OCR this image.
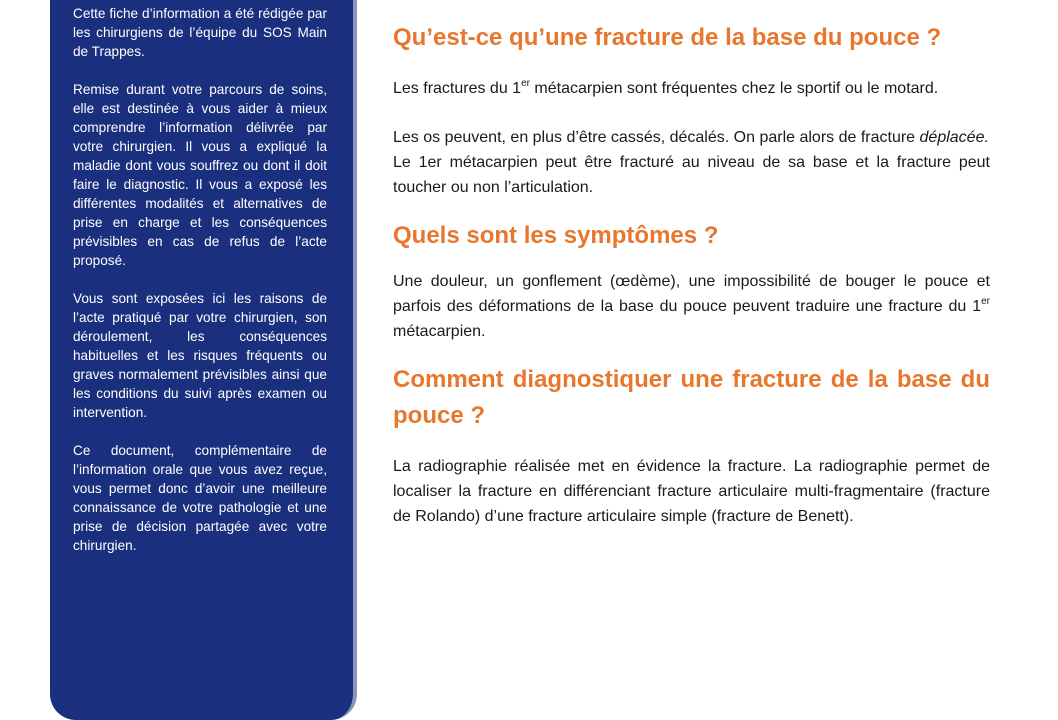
Cette fiche d’information a été rédigée par les chirurgiens de l’équipe du SOS Main de Trappes.

Remise durant votre parcours de soins, elle est destinée à vous aider à mieux comprendre l’information délivrée par votre chirurgien. Il vous a expliqué la maladie dont vous souffrez ou dont il doit faire le diagnostic. Il vous a exposé les différentes modalités et alternatives de prise en charge et les conséquences prévisibles en cas de refus de l’acte proposé.

Vous sont exposées ici les raisons de l’acte pratiqué par votre chirurgien, son déroulement, les conséquences habituelles et les risques fréquents ou graves normalement prévisibles ainsi que les conditions du suivi après examen ou intervention.

Ce document, complémentaire de l’information orale que vous avez reçue, vous permet donc d’avoir une meilleure connaissance de votre pathologie et une prise de décision partagée avec votre chirurgien.

Qu’est-ce qu’une fracture de la base du pouce ?

Les fractures du 1er métacarpien sont fréquentes chez le sportif ou le motard.

Les os peuvent, en plus d’être cassés, décalés. On parle alors de fracture déplacée.

Le 1er métacarpien peut être fracturé au niveau de sa base et la fracture peut toucher ou non l’articulation.

Quels sont les symptômes ?

Une douleur, un gonflement (œdème), une impossibilité de bouger le pouce et parfois des déformations de la base du pouce peuvent traduire une fracture du 1er métacarpien.

Comment diagnostiquer une fracture de la base du pouce ?

La radiographie réalisée met en évidence la fracture. La radiographie permet de localiser la fracture en différenciant fracture articulaire multi-fragmentaire (fracture de Rolando) d’une fracture articulaire simple (fracture de Benett).
